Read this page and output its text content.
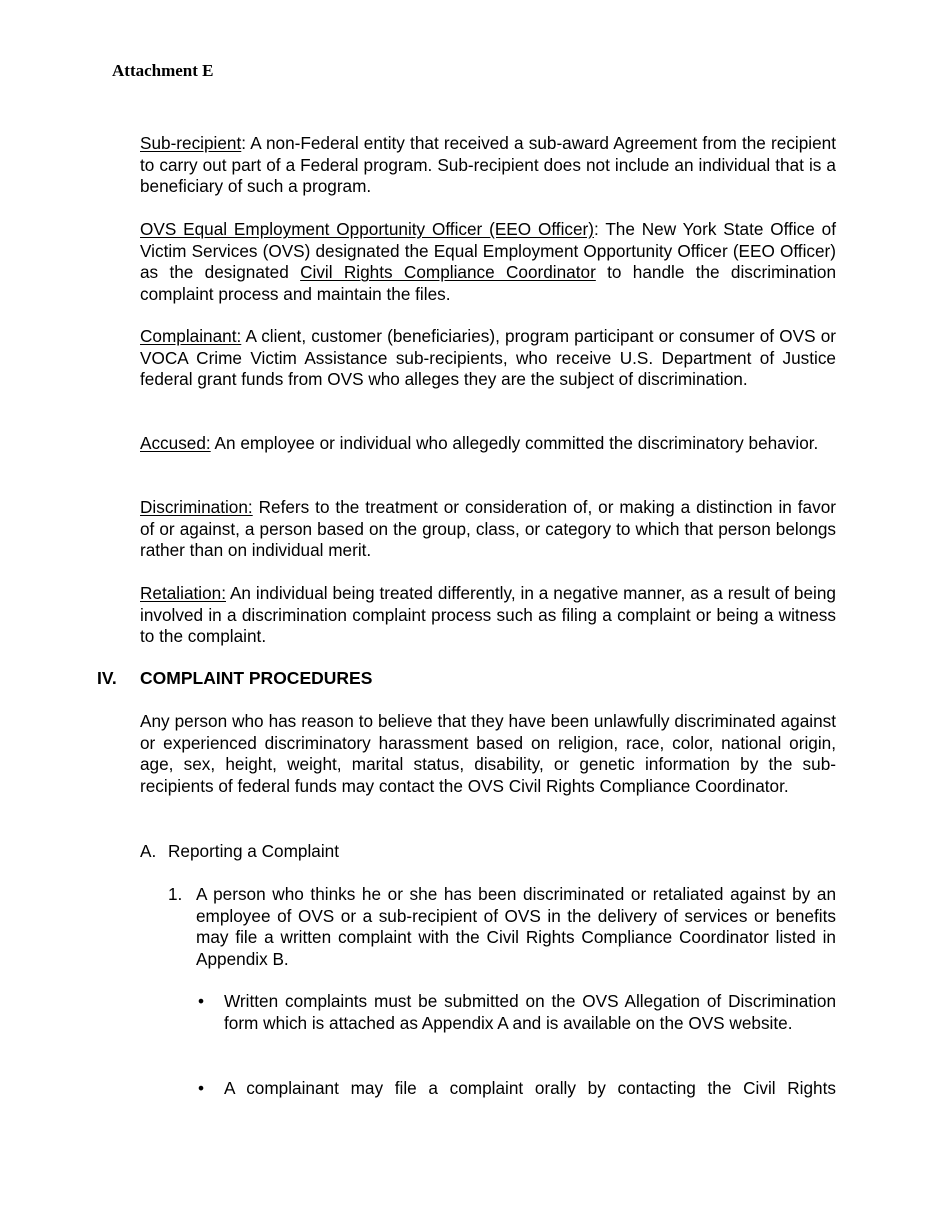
Attachment E
Sub-recipient: A non-Federal entity that received a sub-award Agreement from the recipient to carry out part of a Federal program. Sub-recipient does not include an individual that is a beneficiary of such a program.
OVS Equal Employment Opportunity Officer (EEO Officer): The New York State Office of Victim Services (OVS) designated the Equal Employment Opportunity Officer (EEO Officer) as the designated Civil Rights Compliance Coordinator to handle the discrimination complaint process and maintain the files.
Complainant: A client, customer (beneficiaries), program participant or consumer of OVS or VOCA Crime Victim Assistance sub-recipients, who receive U.S. Department of Justice federal grant funds from OVS who alleges they are the subject of discrimination.
Accused: An employee or individual who allegedly committed the discriminatory behavior.
Discrimination: Refers to the treatment or consideration of, or making a distinction in favor of or against, a person based on the group, class, or category to which that person belongs rather than on individual merit.
Retaliation: An individual being treated differently, in a negative manner, as a result of being involved in a discrimination complaint process such as filing a complaint or being a witness to the complaint.
IV. COMPLAINT PROCEDURES
Any person who has reason to believe that they have been unlawfully discriminated against or experienced discriminatory harassment based on religion, race, color, national origin, age, sex, height, weight, marital status, disability, or genetic information by the sub-recipients of federal funds may contact the OVS Civil Rights Compliance Coordinator.
A. Reporting a Complaint
1. A person who thinks he or she has been discriminated or retaliated against by an employee of OVS or a sub-recipient of OVS in the delivery of services or benefits may file a written complaint with the Civil Rights Compliance Coordinator listed in Appendix B.
• Written complaints must be submitted on the OVS Allegation of Discrimination form which is attached as Appendix A and is available on the OVS website.
• A complainant may file a complaint orally by contacting the Civil Rights
